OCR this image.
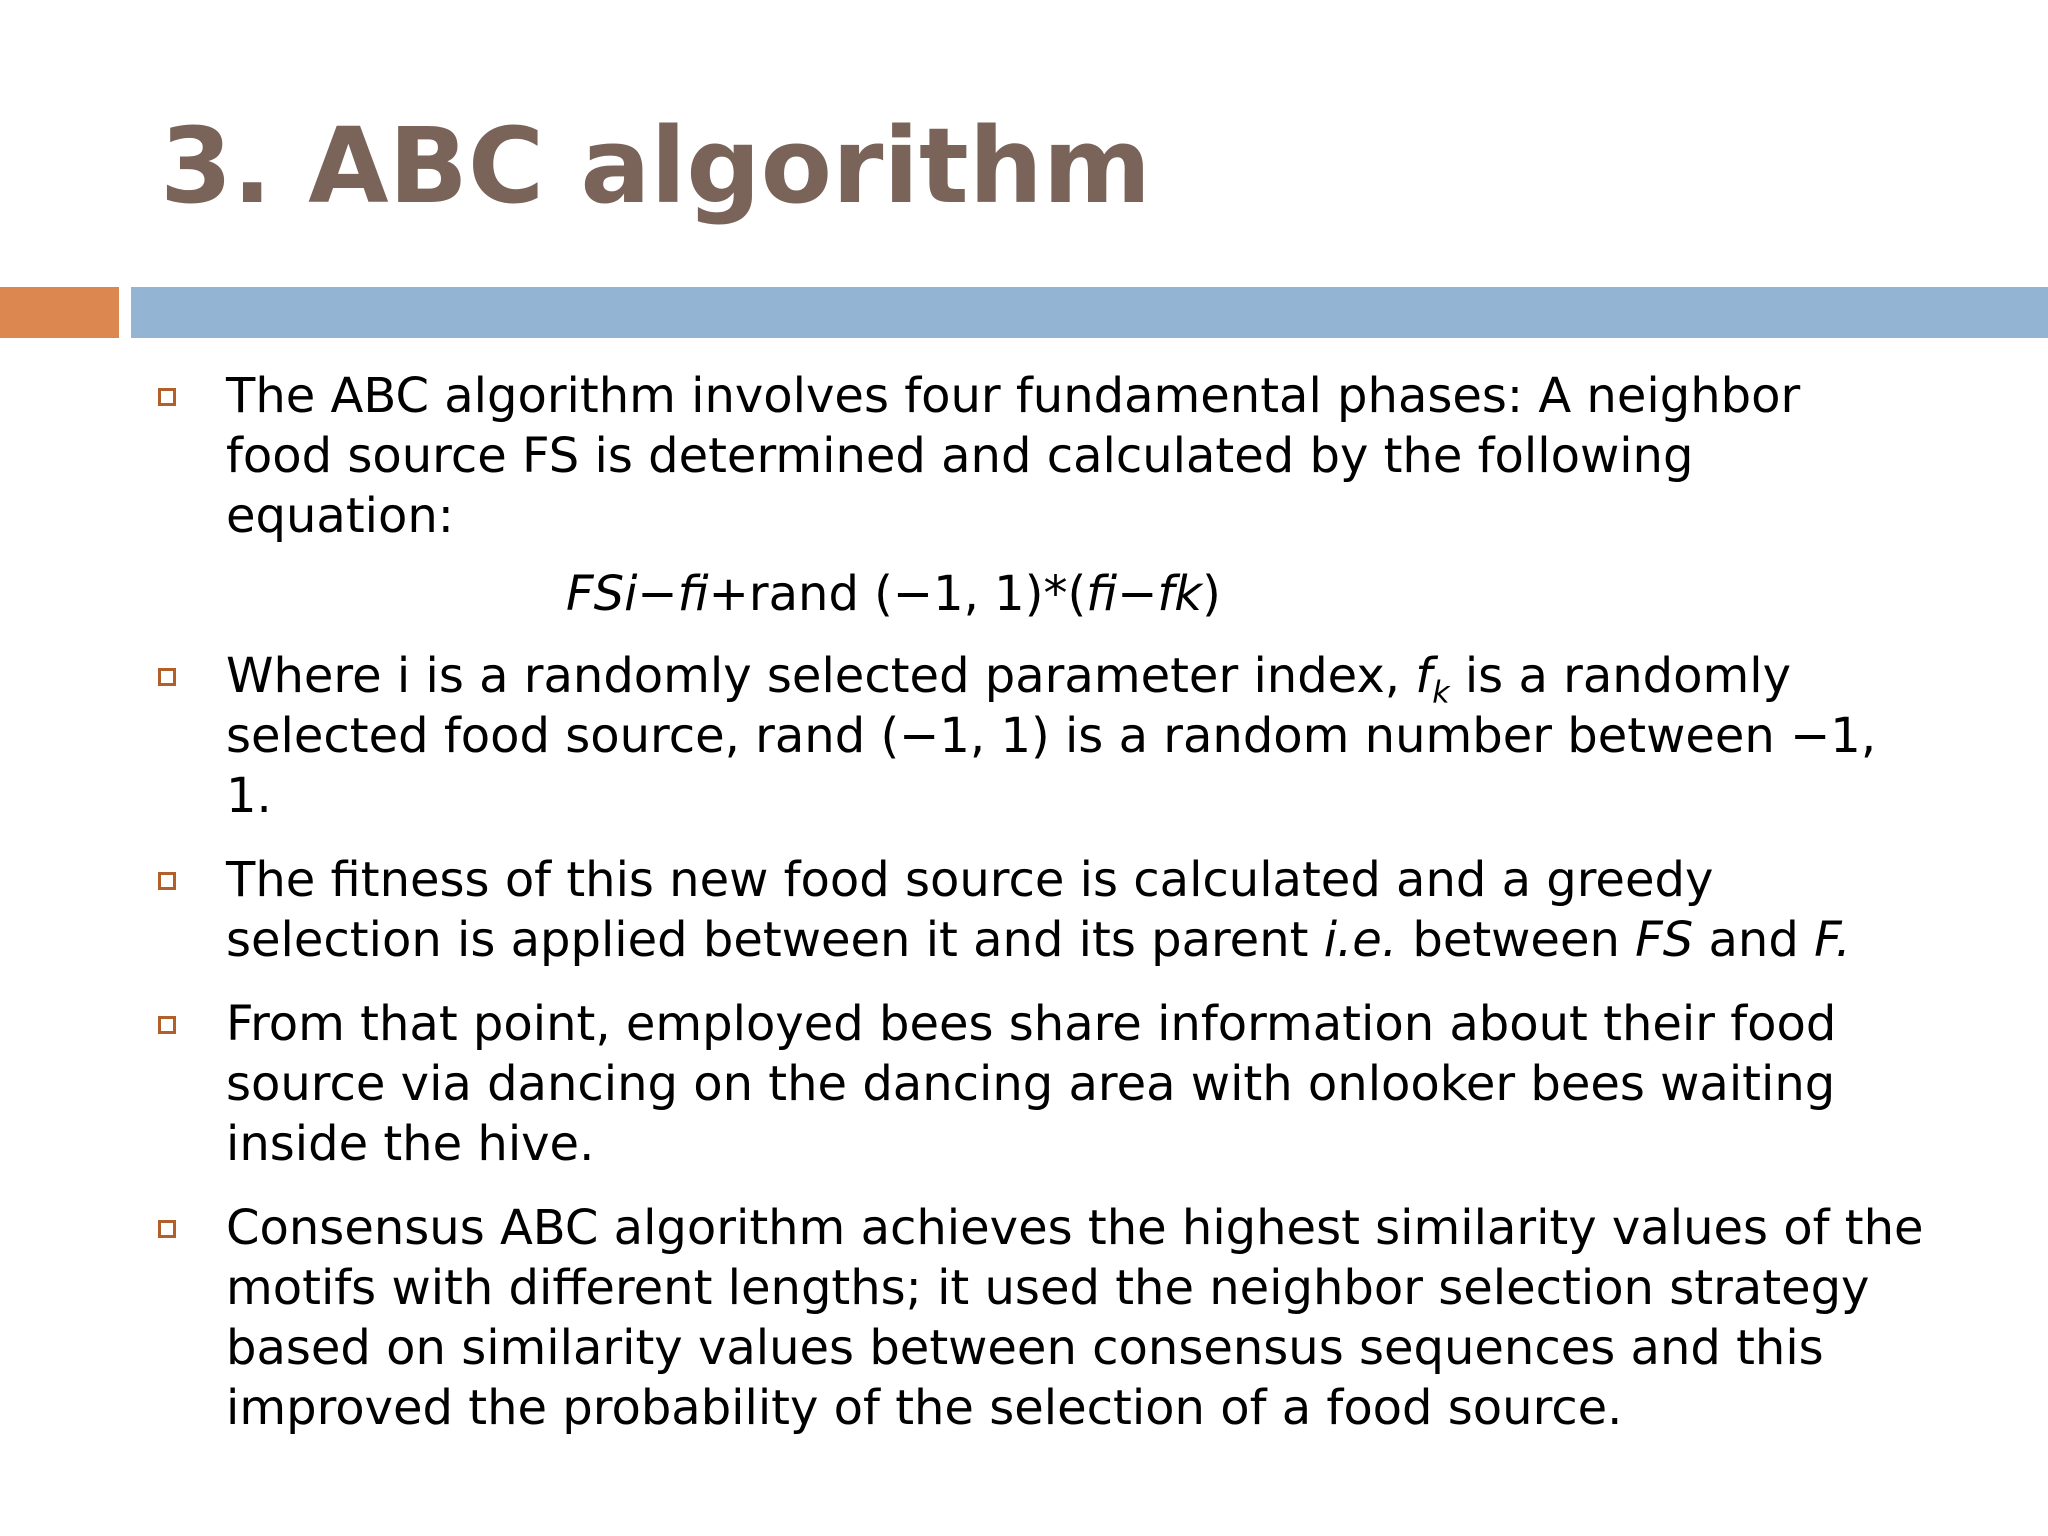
3. ABC algorithm
The ABC algorithm involves four fundamental phases: A neighbor
food source FS is determined and calculated by the following
equation:
FSi−fi+rand (−1, 1)*(fi−fk)
Where i is a randomly selected parameter index, $f_k$ is a randomly
selected food source, rand (−1, 1) is a random number between −1,
1.
The fitness of this new food source is calculated and a greedy
selection is applied between it and its parent i.e. between FS and F.
From that point, employed bees share information about their food
source via dancing on the dancing area with onlooker bees waiting
inside the hive.
Consensus ABC algorithm achieves the highest similarity values of the
motifs with different lengths; it used the neighbor selection strategy
based on similarity values between consensus sequences and this
improved the probability of the selection of a food source.
